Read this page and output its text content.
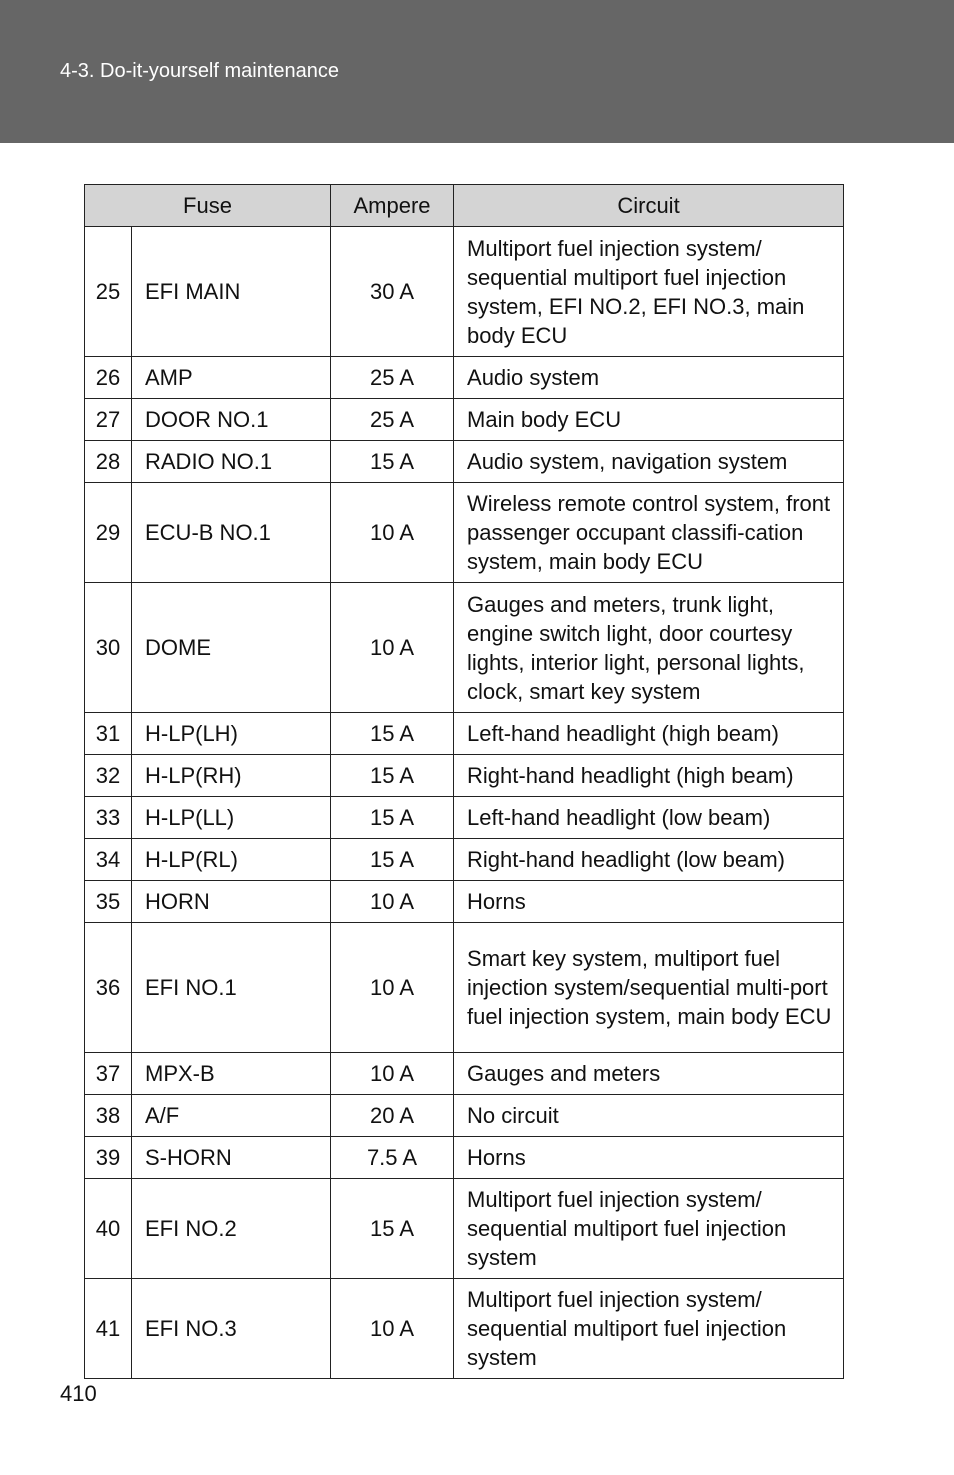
4-3. Do-it-yourself maintenance
Fuse		Ampere	Circuit
25	EFI MAIN	30 A	Multiport fuel injection system/ sequential multiport fuel injection system, EFI NO.2, EFI NO.3, main body ECU
26	AMP	25 A	Audio system
27	DOOR NO.1	25 A	Main body ECU
28	RADIO NO.1	15 A	Audio system, navigation system
29	ECU-B NO.1	10 A	Wireless remote control system, front passenger occupant classifi-cation system, main body ECU
30	DOME	10 A	Gauges and meters, trunk light, engine switch light, door courtesy lights, interior light, personal lights, clock, smart key system
31	H-LP(LH)	15 A	Left-hand headlight (high beam)
32	H-LP(RH)	15 A	Right-hand headlight (high beam)
33	H-LP(LL)	15 A	Left-hand headlight (low beam)
34	H-LP(RL)	15 A	Right-hand headlight (low beam)
35	HORN	10 A	Horns
36	EFI NO.1	10 A	Smart key system, multiport fuel injection system/sequential multi-port fuel injection system, main body ECU
37	MPX-B	10 A	Gauges and meters
38	A/F	20 A	No circuit
39	S-HORN	7.5 A	Horns
40	EFI NO.2	15 A	Multiport fuel injection system/ sequential multiport fuel injection system
41	EFI NO.3	10 A	Multiport fuel injection system/ sequential multiport fuel injection system
410
